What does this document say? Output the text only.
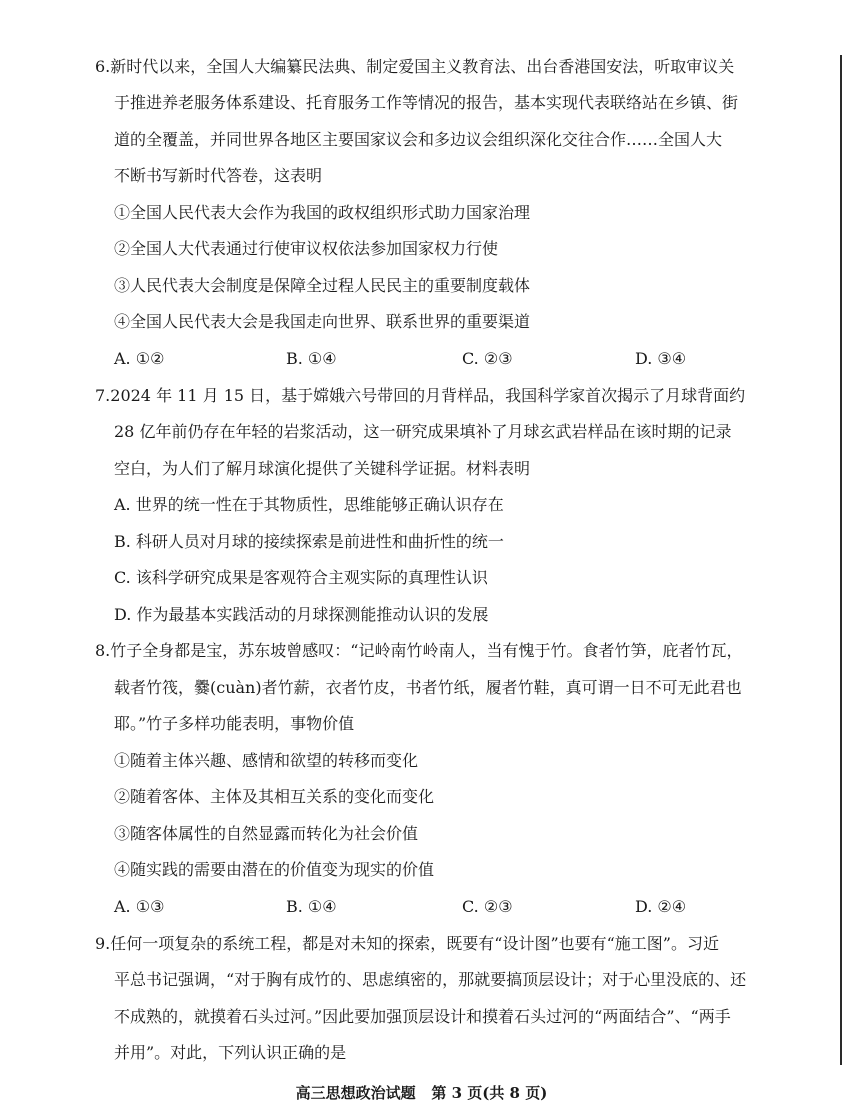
6.新时代以来，全国人大编纂民法典、制定爱国主义教育法、出台香港国安法，听取审议关
于推进养老服务体系建设、托育服务工作等情况的报告，基本实现代表联络站在乡镇、街
道的全覆盖，并同世界各地区主要国家议会和多边议会组织深化交往合作……全国人大
不断书写新时代答卷，这表明
①全国人民代表大会作为我国的政权组织形式助力国家治理
②全国人大代表通过行使审议权依法参加国家权力行使
③人民代表大会制度是保障全过程人民民主的重要制度载体
④全国人民代表大会是我国走向世界、联系世界的重要渠道
A. ①②	B. ①④	C. ②③	D. ③④
7.2024 年 11 月 15 日，基于嫦娥六号带回的月背样品，我国科学家首次揭示了月球背面约
28 亿年前仍存在年轻的岩浆活动，这一研究成果填补了月球玄武岩样品在该时期的记录
空白，为人们了解月球演化提供了关键科学证据。材料表明
A. 世界的统一性在于其物质性，思维能够正确认识存在
B. 科研人员对月球的接续探索是前进性和曲折性的统一
C. 该科学研究成果是客观符合主观实际的真理性认识
D. 作为最基本实践活动的月球探测能推动认识的发展
8.竹子全身都是宝，苏东坡曾感叹：“记岭南竹岭南人，当有愧于竹。食者竹笋，庇者竹瓦，
载者竹筏，爨(cuàn)者竹薪，衣者竹皮，书者竹纸，履者竹鞋，真可谓一日不可无此君也
耶。”竹子多样功能表明，事物价值
①随着主体兴趣、感情和欲望的转移而变化
②随着客体、主体及其相互关系的变化而变化
③随客体属性的自然显露而转化为社会价值
④随实践的需要由潜在的价值变为现实的价值
A. ①③	B. ①④	C. ②③	D. ②④
9.任何一项复杂的系统工程，都是对未知的探索，既要有“设计图”也要有“施工图”。习近
平总书记强调，“对于胸有成竹的、思虑缜密的，那就要搞顶层设计；对于心里没底的、还
不成熟的，就摸着石头过河。”因此要加强顶层设计和摸着石头过河的“两面结合”、“两手
并用”。对此，下列认识正确的是
高三思想政治试题 第 3 页(共 8 页)
